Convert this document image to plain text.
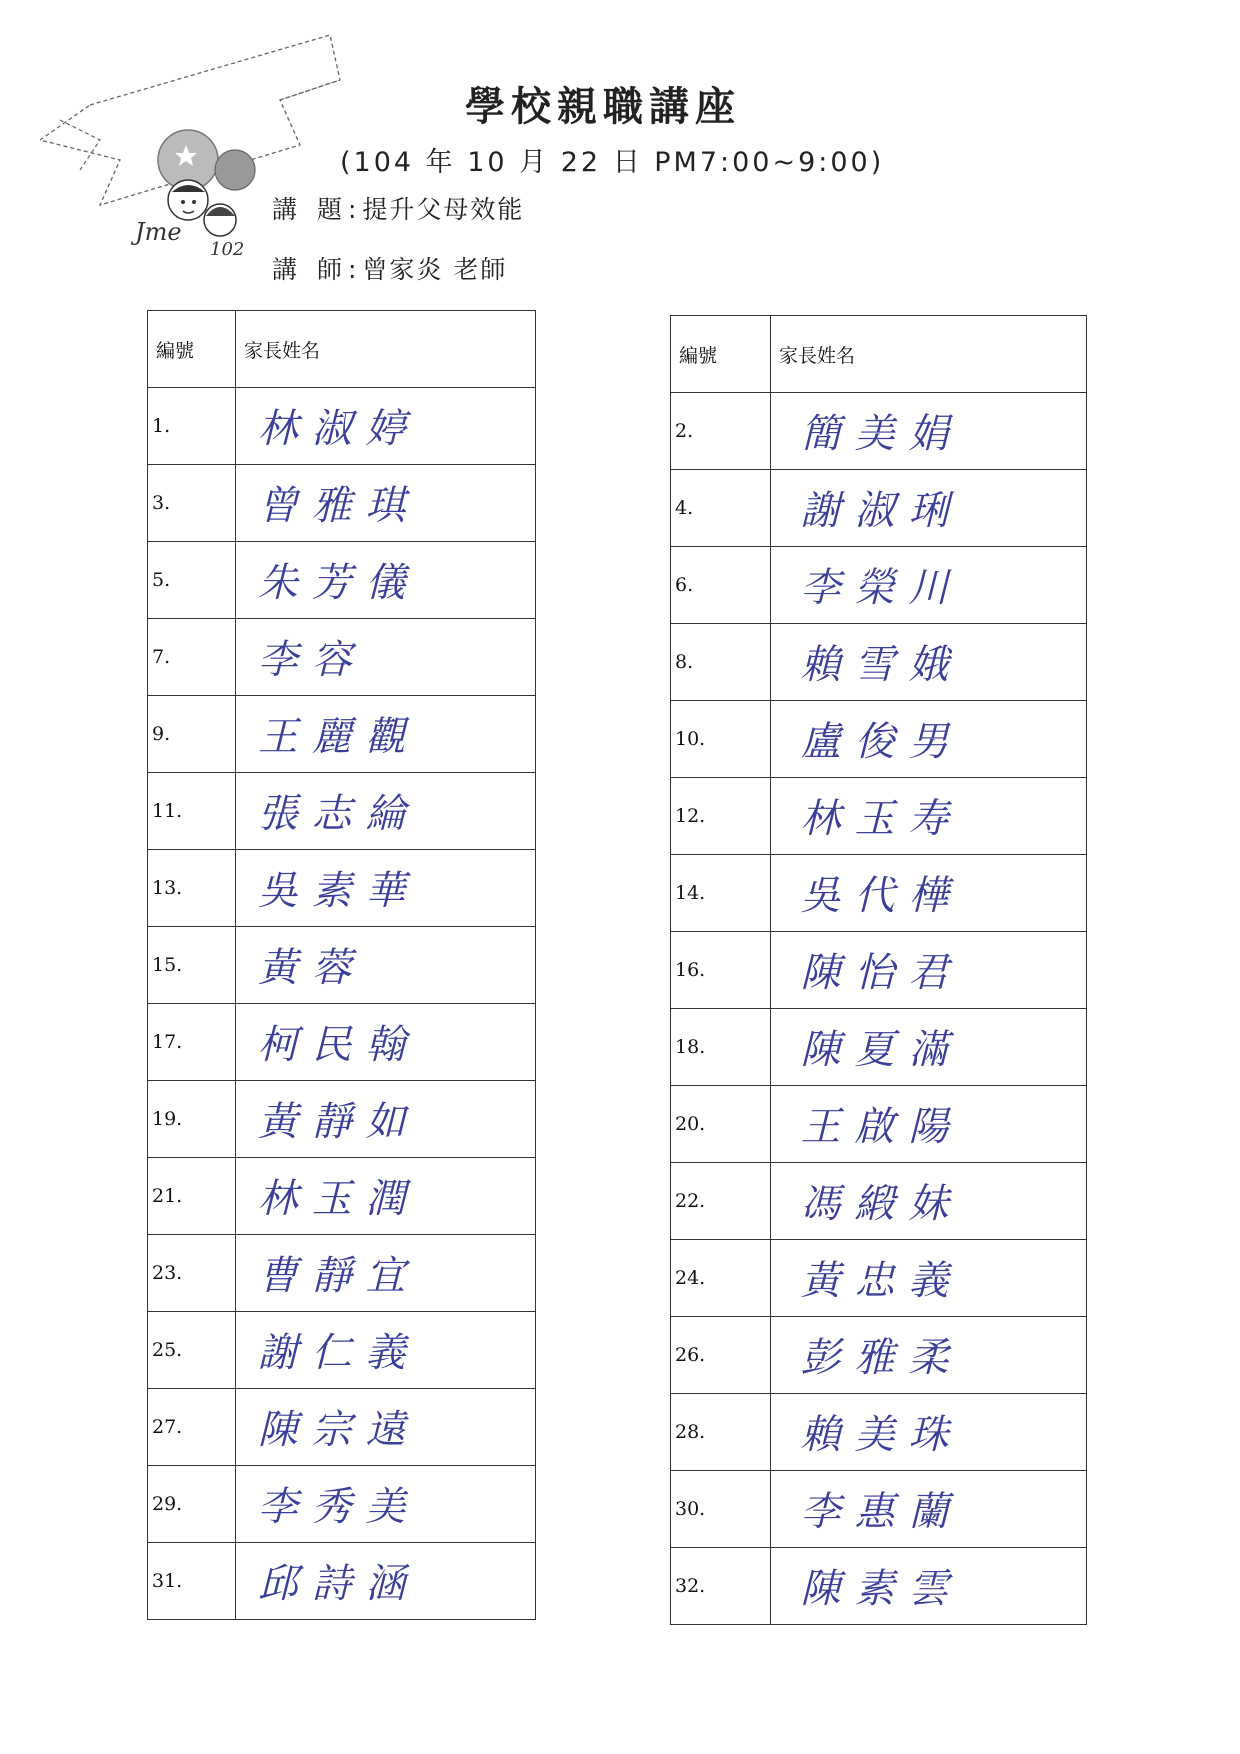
Jme
102
學校親職講座
(104 年 10 月 22 日 PM7:00~9:00)
講 題:提升父母效能
講 師:曾家炎 老師
編號	家長姓名
1.	林淑婷

3.	曾雅琪

5.	朱芳儀

7.	李容

9.	王麗觀

11.	張志綸

13.	吳素華

15.	黃蓉

17.	柯民翰

19.	黃靜如

21.	林玉潤

23.	曹靜宜

25.	謝仁義

27.	陳宗遠

29.	李秀美

31.	邱詩涵
編號	家長姓名
2.	簡美娟

4.	謝淑琍

6.	李榮川

8.	賴雪娥

10.	盧俊男

12.	林玉寿

14.	吳代樺

16.	陳怡君

18.	陳夏滿

20.	王啟陽

22.	馮緞妹

24.	黃忠義

26.	彭雅柔

28.	賴美珠

30.	李惠蘭

32.	陳素雲
